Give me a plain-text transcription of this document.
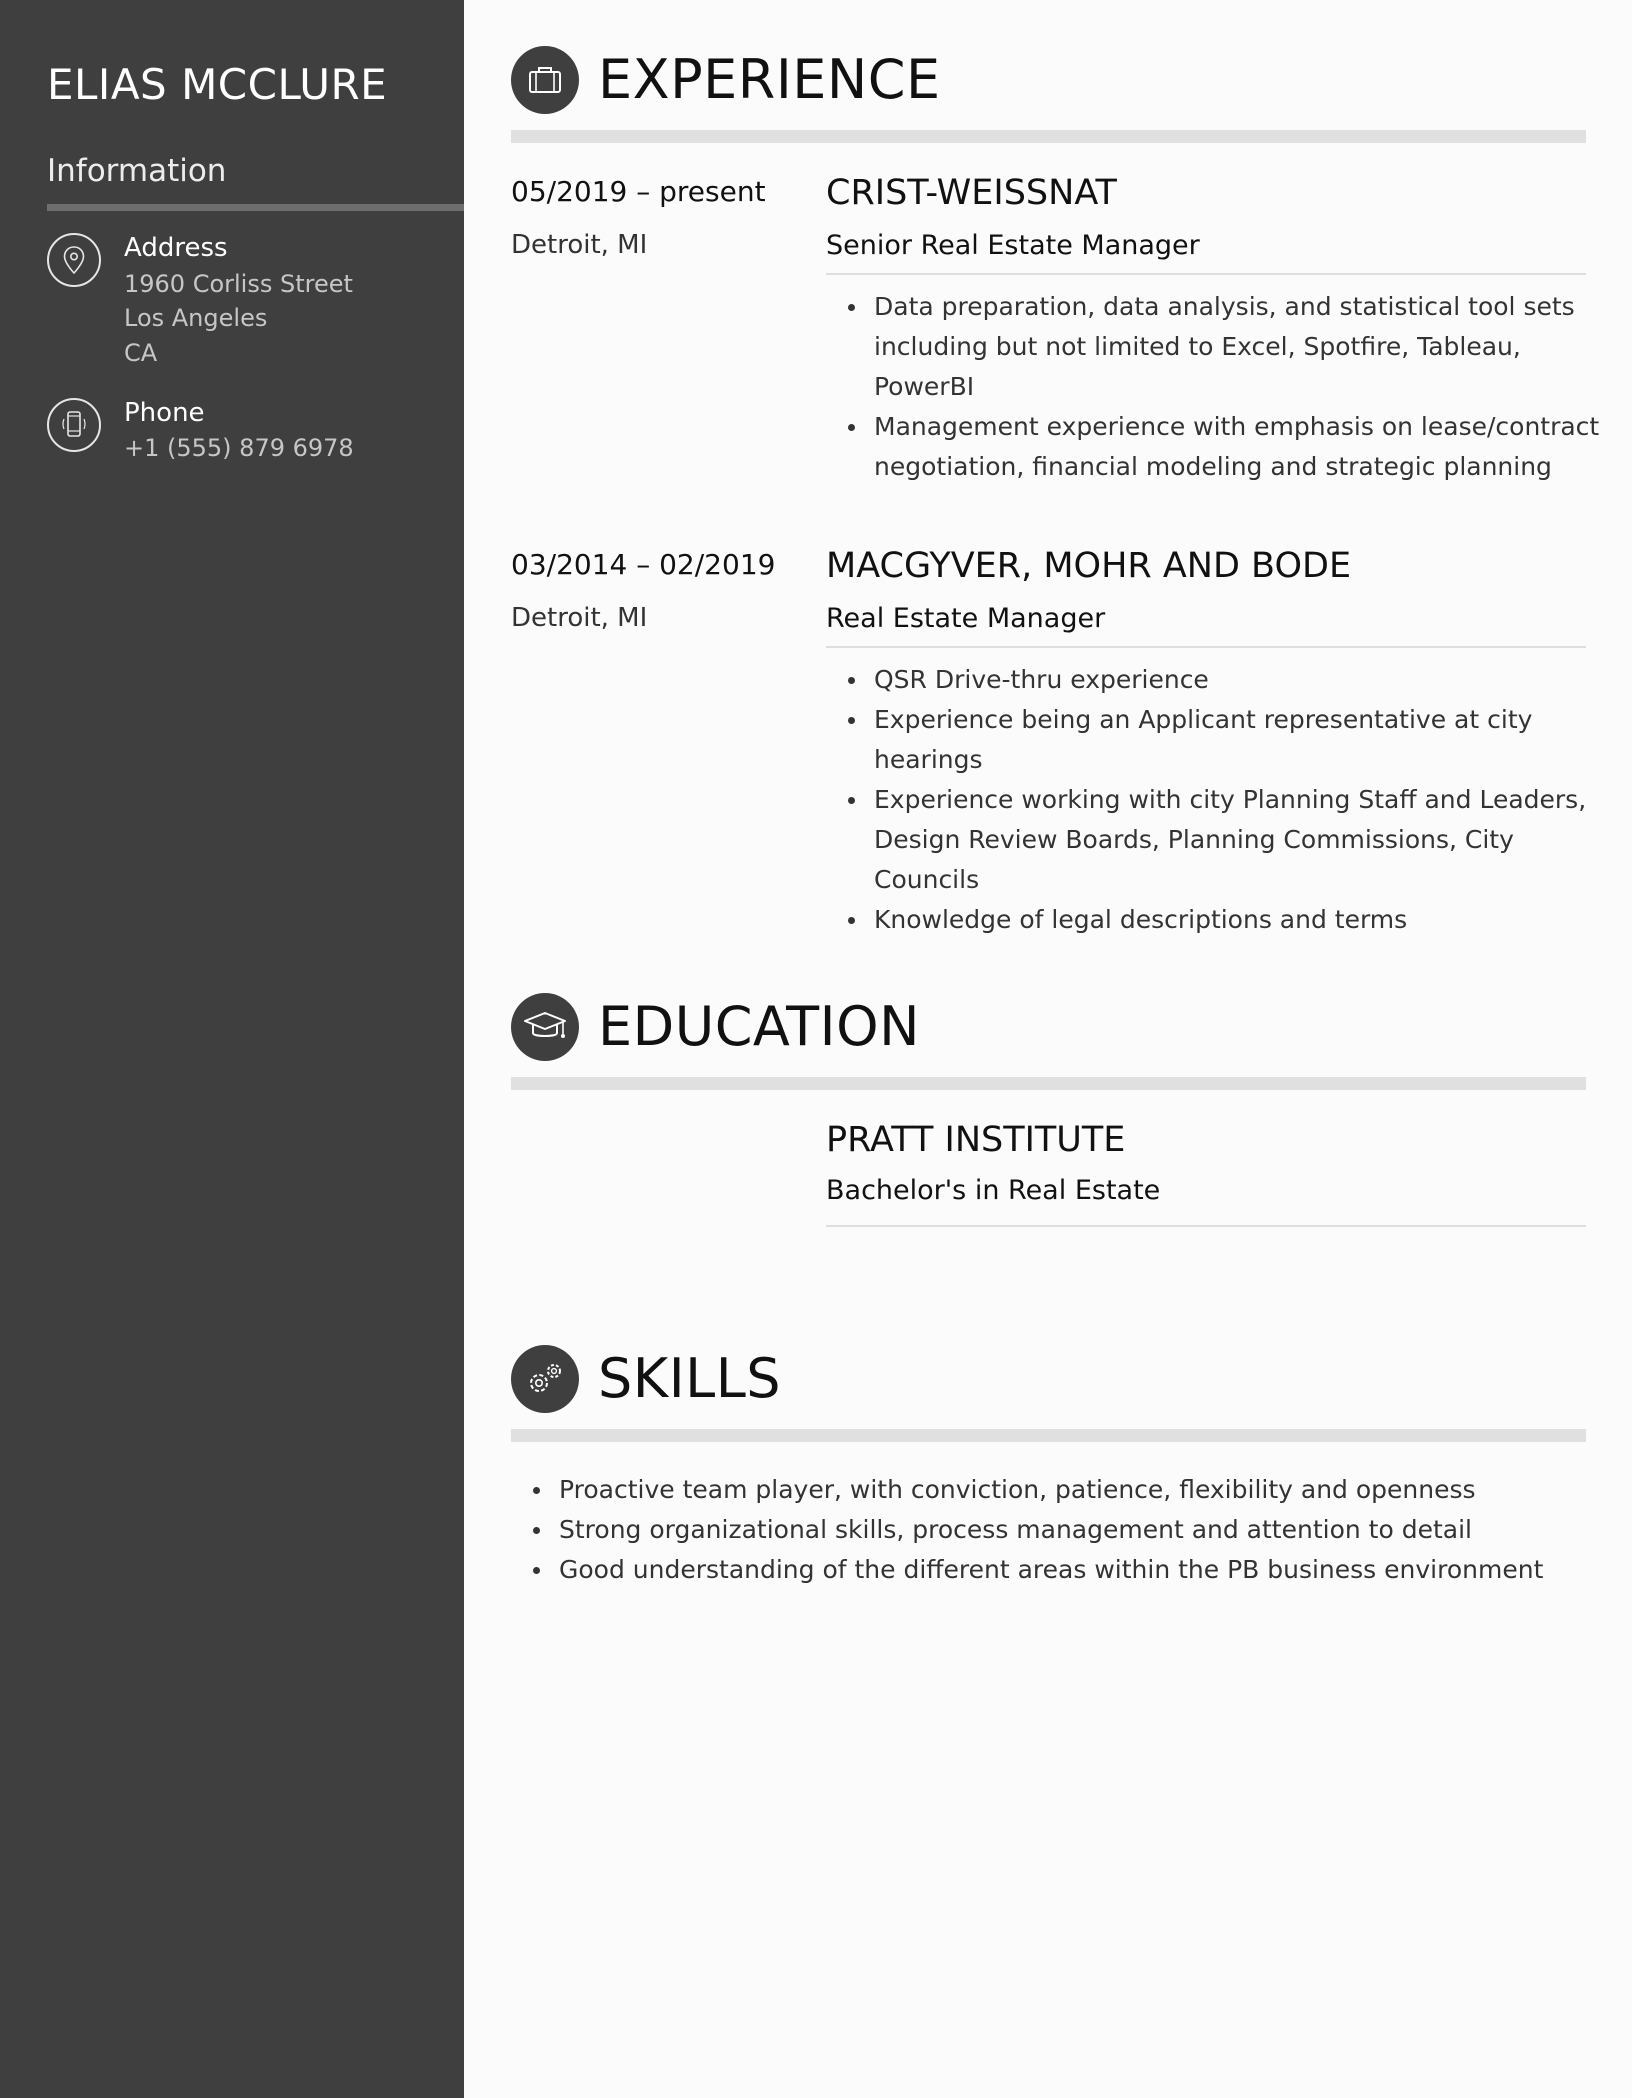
ELIAS MCCLURE
Information
Address
1960 Corliss Street
Los Angeles
CA
Phone
+1 (555) 879 6978
EXPERIENCE
05/2019 – present
Detroit, MI
CRIST-WEISSNAT
Senior Real Estate Manager
Data preparation, data analysis, and statistical tool sets including but not limited to Excel, Spotfire, Tableau, PowerBI
Management experience with emphasis on lease/contract negotiation, financial modeling and strategic planning
03/2014 – 02/2019
Detroit, MI
MACGYVER, MOHR AND BODE
Real Estate Manager
QSR Drive-thru experience
Experience being an Applicant representative at city hearings
Experience working with city Planning Staff and Leaders, Design Review Boards, Planning Commissions, City Councils
Knowledge of legal descriptions and terms
EDUCATION
PRATT INSTITUTE
Bachelor's in Real Estate
SKILLS
Proactive team player, with conviction, patience, flexibility and openness
Strong organizational skills, process management and attention to detail
Good understanding of the different areas within the PB business environment
